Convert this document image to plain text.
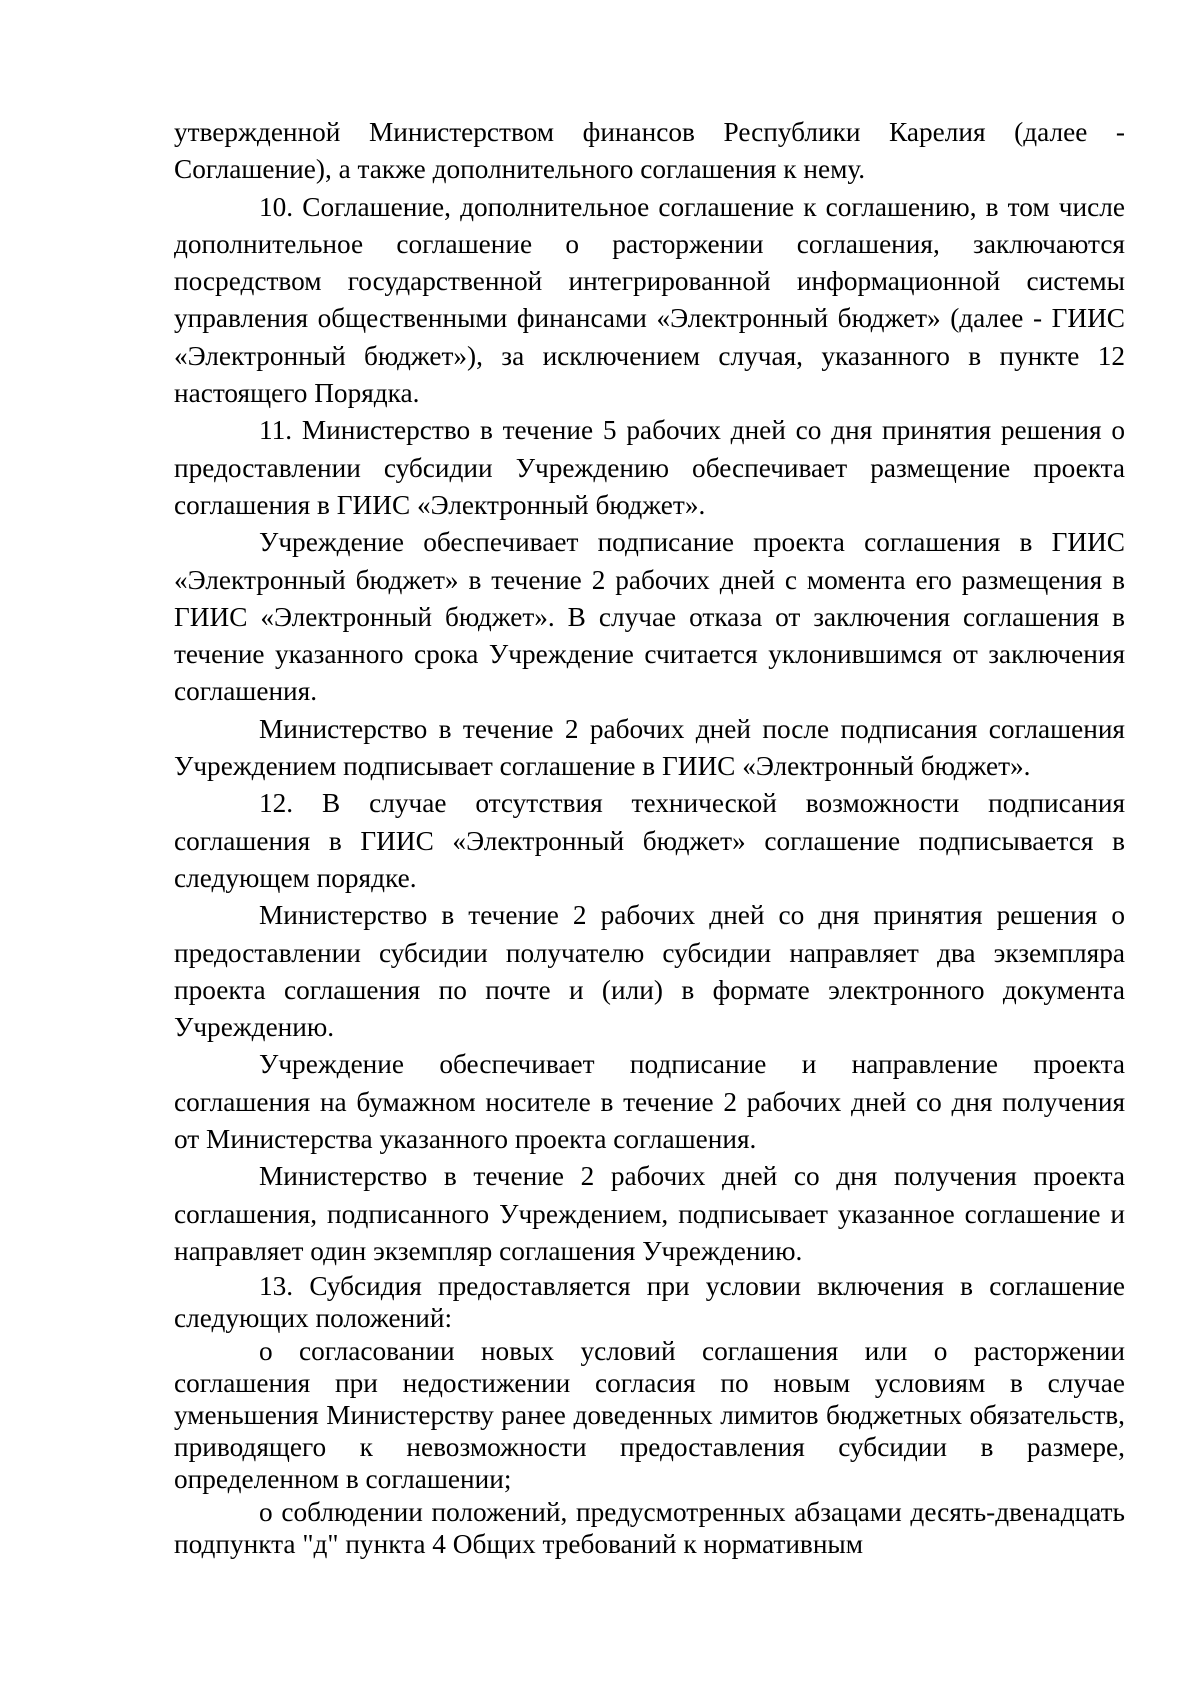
утвержденной Министерством финансов Республики Карелия (далее - Соглашение), а также дополнительного соглашения к нему.

10. Соглашение, дополнительное соглашение к соглашению, в том числе дополнительное соглашение о расторжении соглашения, заключаются посредством государственной интегрированной информационной системы управления общественными финансами «Электронный бюджет» (далее - ГИИС «Электронный бюджет»), за исключением случая, указанного в пункте 12 настоящего Порядка.

11. Министерство в течение 5 рабочих дней со дня принятия решения о предоставлении субсидии Учреждению обеспечивает размещение проекта соглашения в ГИИС «Электронный бюджет».

Учреждение обеспечивает подписание проекта соглашения в ГИИС «Электронный бюджет» в течение 2 рабочих дней с момента его размещения в ГИИС «Электронный бюджет». В случае отказа от заключения соглашения в течение указанного срока Учреждение считается уклонившимся от заключения соглашения.

Министерство в течение 2 рабочих дней после подписания соглашения Учреждением подписывает соглашение в ГИИС «Электронный бюджет».

12. В случае отсутствия технической возможности подписания соглашения в ГИИС «Электронный бюджет» соглашение подписывается в следующем порядке.

Министерство в течение 2 рабочих дней со дня принятия решения о предоставлении субсидии получателю субсидии направляет два экземпляра проекта соглашения по почте и (или) в формате электронного документа Учреждению.

Учреждение обеспечивает подписание и направление проекта соглашения на бумажном носителе в течение 2 рабочих дней со дня получения от Министерства указанного проекта соглашения.

Министерство в течение 2 рабочих дней со дня получения проекта соглашения, подписанного Учреждением, подписывает указанное соглашение и направляет один экземпляр соглашения Учреждению.

13. Субсидия предоставляется при условии включения в соглашение следующих положений:

о согласовании новых условий соглашения или о расторжении соглашения при недостижении согласия по новым условиям в случае уменьшения Министерству ранее доведенных лимитов бюджетных обязательств, приводящего к невозможности предоставления субсидии в размере, определенном в соглашении;

о соблюдении положений, предусмотренных абзацами десять-двенадцать подпункта "д" пункта 4 Общих требований к нормативным
